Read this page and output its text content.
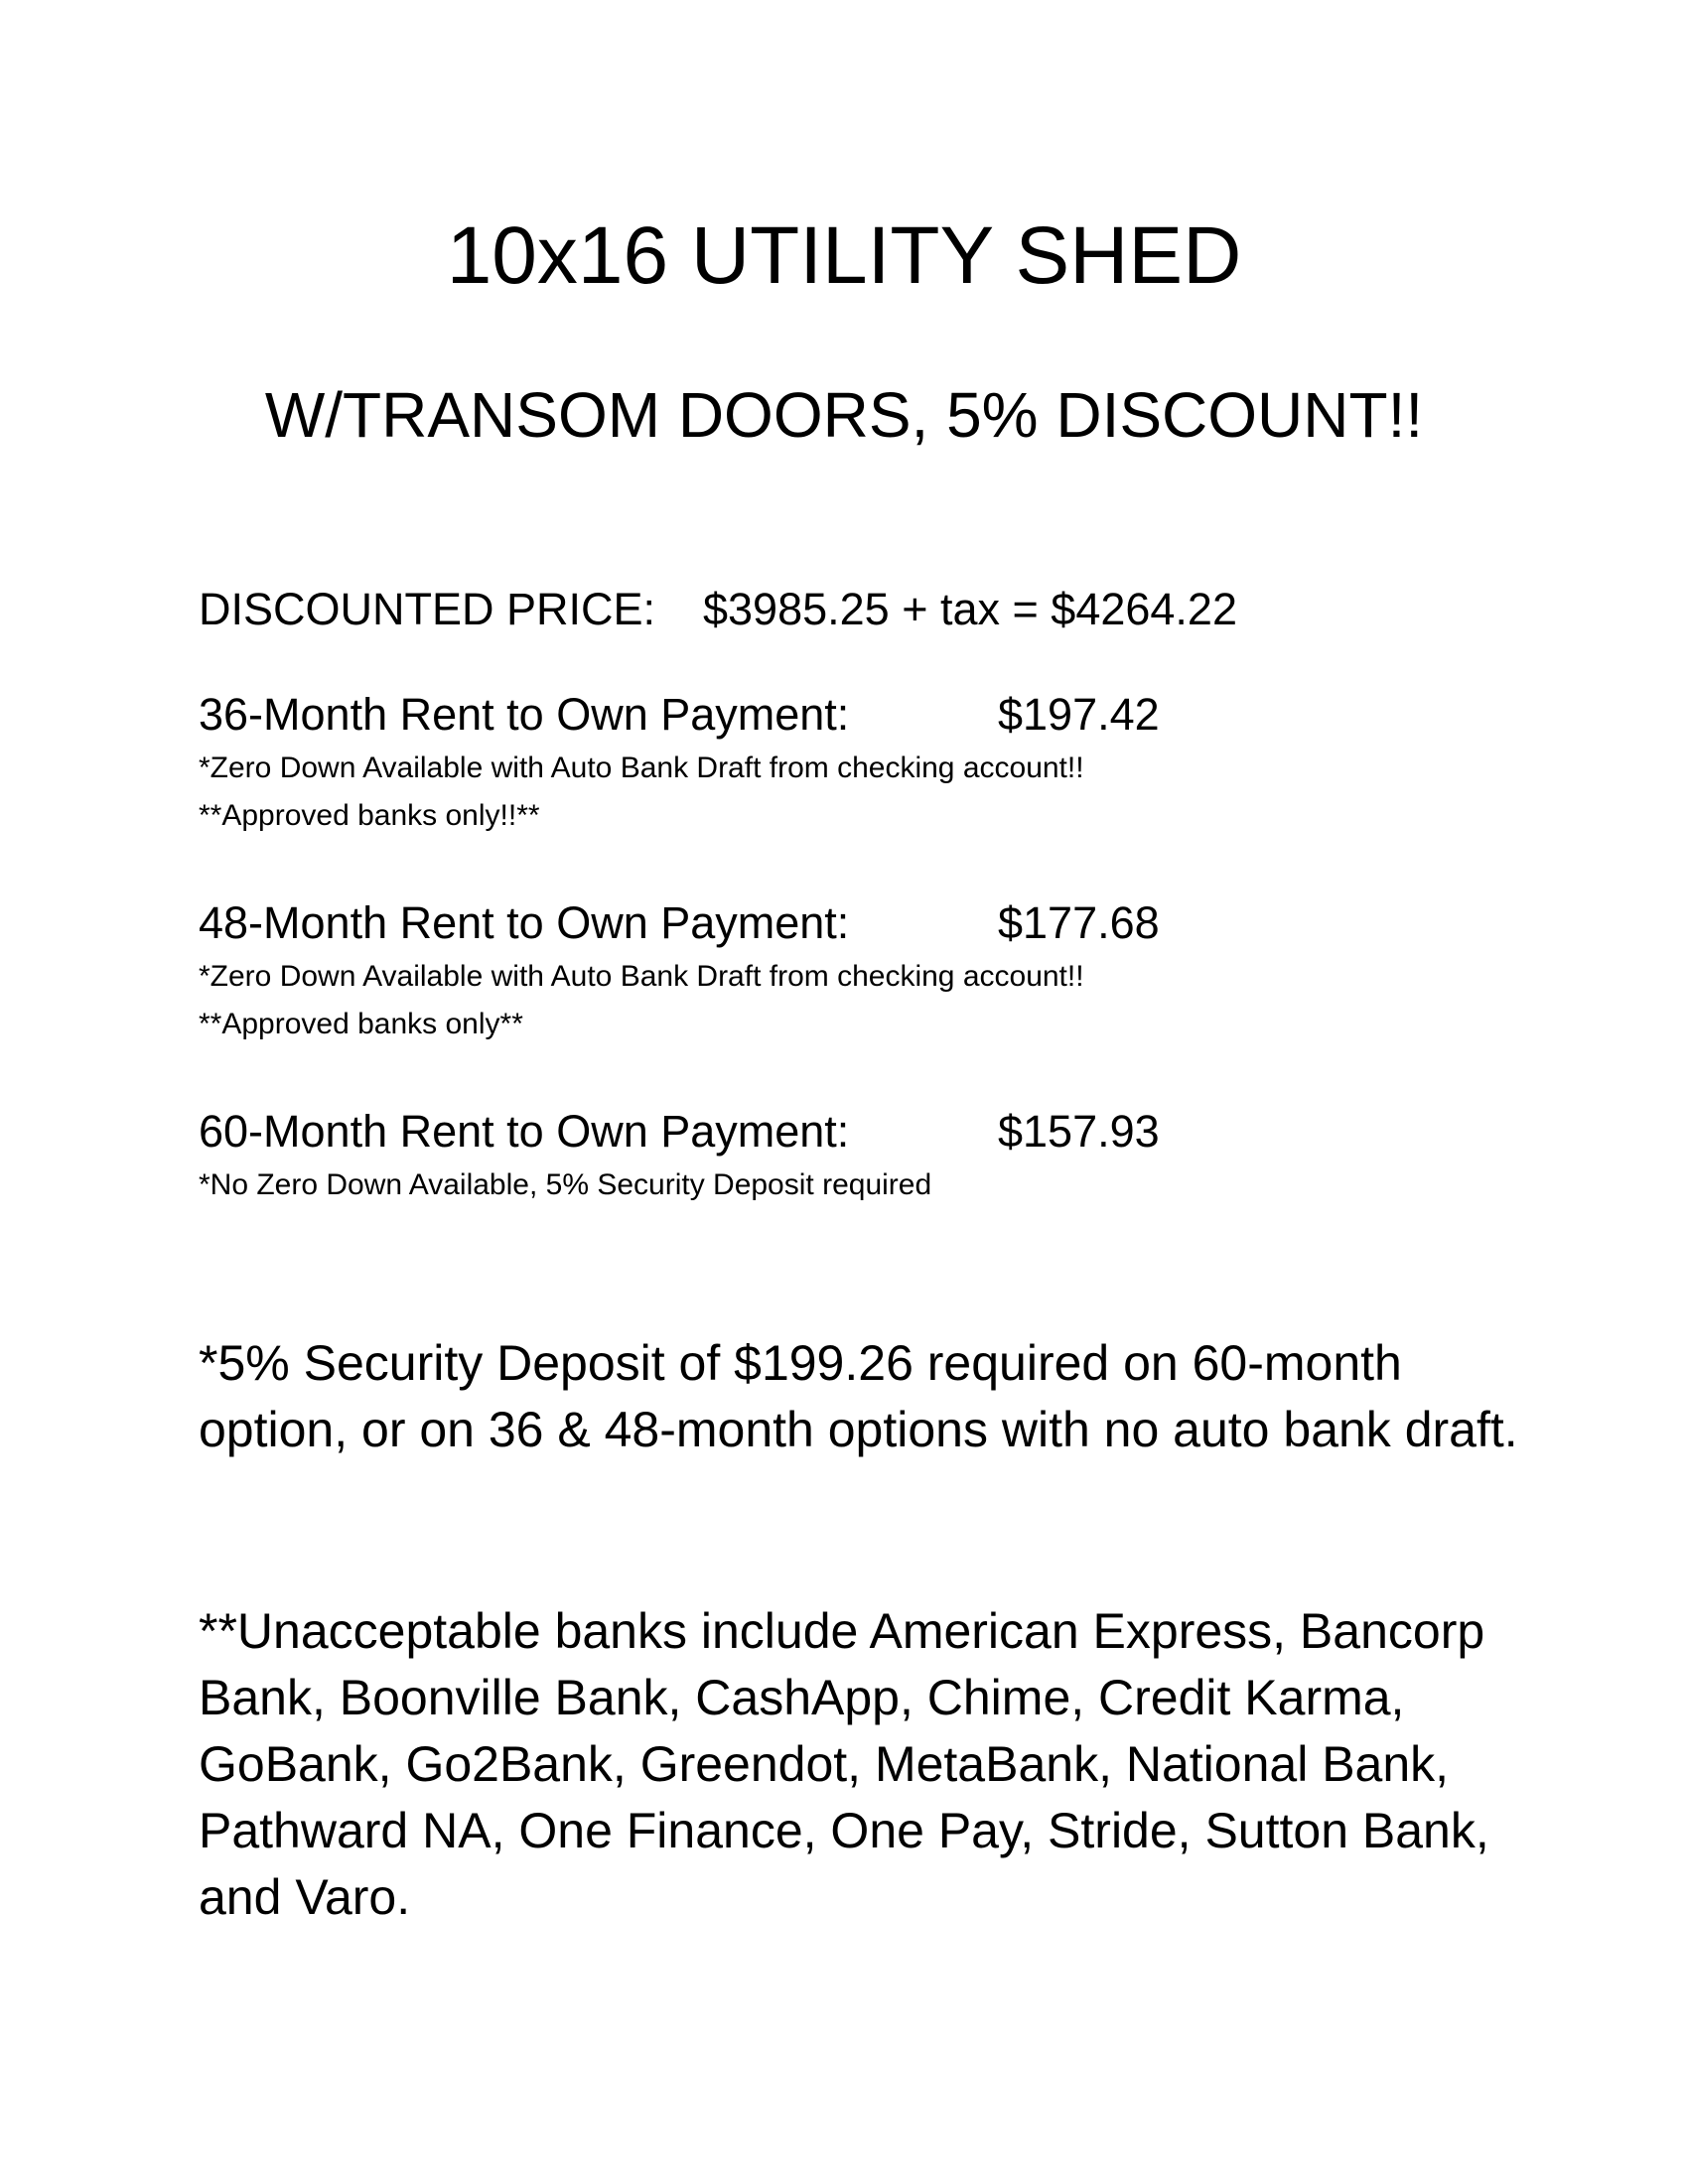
10x16 UTILITY SHED
W/TRANSOM DOORS, 5% DISCOUNT!!
DISCOUNTED PRICE: $3985.25 + tax = $4264.22
36-Month Rent to Own Payment:	$197.42
*Zero Down Available with Auto Bank Draft from checking account!!
**Approved banks only!!**
48-Month Rent to Own Payment:	$177.68
*Zero Down Available with Auto Bank Draft from checking account!!
**Approved banks only**
60-Month Rent to Own Payment:	$157.93
*No Zero Down Available, 5% Security Deposit required

*5% Security Deposit of $199.26 required on 60-month option, or on 36 & 48-month options with no auto bank draft.

**Unacceptable banks include American Express, Bancorp Bank, Boonville Bank, CashApp, Chime, Credit Karma, GoBank, Go2Bank, Greendot, MetaBank, National Bank, Pathward NA, One Finance, One Pay, Stride, Sutton Bank, and Varo.
